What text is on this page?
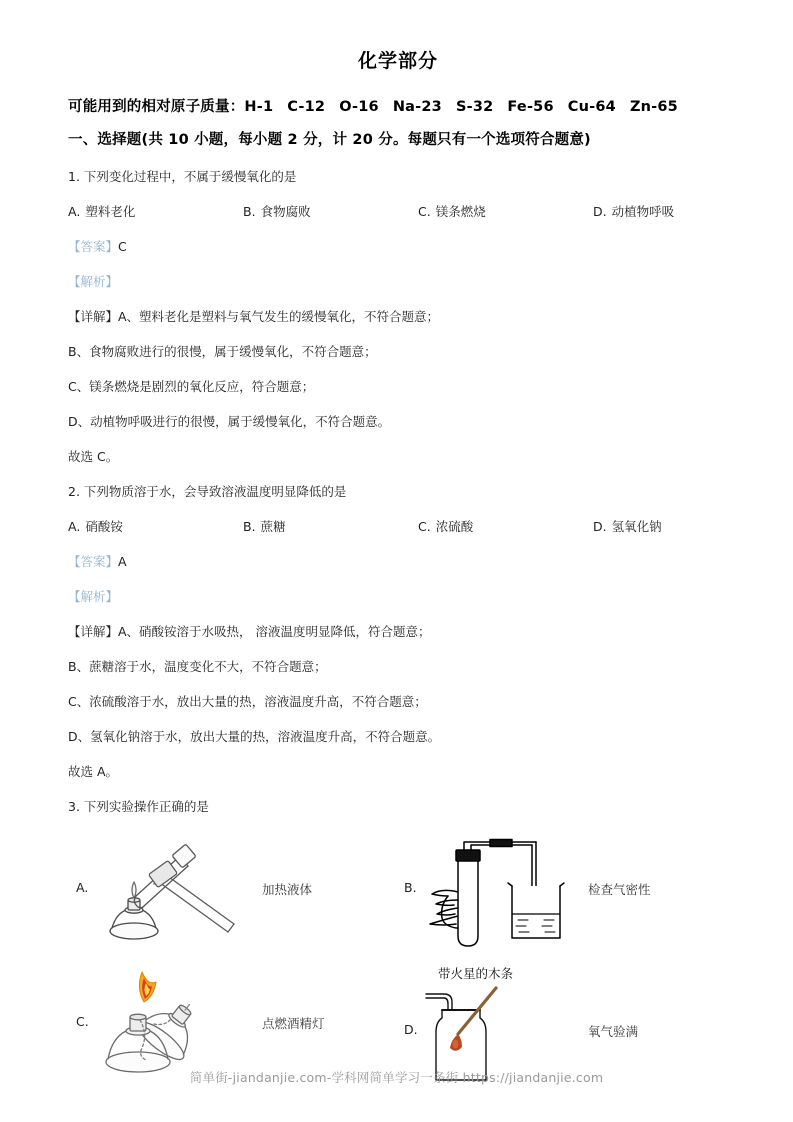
化学部分
可能用到的相对原子质量：H-1 C-12 O-16 Na-23 S-32 Fe-56 Cu-64 Zn-65
一、选择题(共 10 小题，每小题 2 分，计 20 分。每题只有一个选项符合题意)
1. 下列变化过程中，不属于缓慢氧化的是
A. 塑料老化	B. 食物腐败	C. 镁条燃烧	D. 动植物呼吸
【答案】C
【解析】
【详解】A、塑料老化是塑料与氧气发生的缓慢氧化，不符合题意；
B、食物腐败进行的很慢，属于缓慢氧化，不符合题意；
C、镁条燃烧是剧烈的氧化反应，符合题意；
D、动植物呼吸进行的很慢，属于缓慢氧化，不符合题意。
故选 C。
2. 下列物质溶于水，会导致溶液温度明显降低的是
A. 硝酸铵	B. 蔗糖	C. 浓硫酸	D. 氢氧化钠
【答案】A
【解析】
【详解】A、硝酸铵溶于水吸热， 溶液温度明显降低，符合题意；
B、蔗糖溶于水，温度变化不大，不符合题意；
C、浓硫酸溶于水，放出大量的热，溶液温度升高，不符合题意；
D、氢氧化钠溶于水，放出大量的热，溶液温度升高，不符合题意。
故选 A。
3. 下列实验操作正确的是
A.	加热液体	B.	检查气密性
C.	点燃酒精灯
带火星的木条
D.	氧气验满
简单街-jiandanjie.com-学科网简单学习一条街 https://jiandanjie.com
